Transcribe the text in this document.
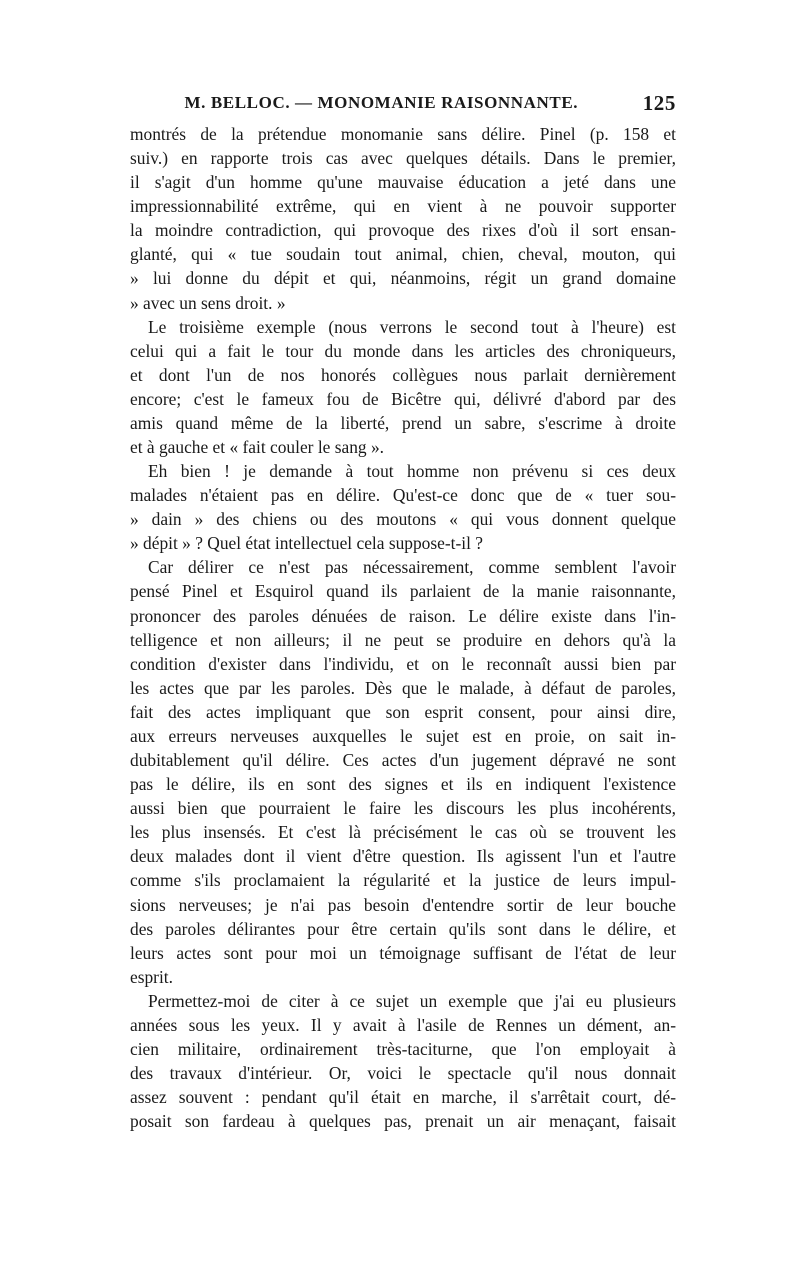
M. BELLOC. — MONOMANIE RAISONNANTE.	125
montrés de la prétendue monomanie sans délire. Pinel (p. 158 et
suiv.) en rapporte trois cas avec quelques détails. Dans le premier,
il s'agit d'un homme qu'une mauvaise éducation a jeté dans une
impressionnabilité extrême, qui en vient à ne pouvoir supporter
la moindre contradiction, qui provoque des rixes d'où il sort ensan-
glanté, qui « tue soudain tout animal, chien, cheval, mouton, qui
» lui donne du dépit et qui, néanmoins, régit un grand domaine
» avec un sens droit. »
Le troisième exemple (nous verrons le second tout à l'heure) est
celui qui a fait le tour du monde dans les articles des chroniqueurs,
et dont l'un de nos honorés collègues nous parlait dernièrement
encore; c'est le fameux fou de Bicêtre qui, délivré d'abord par des
amis quand même de la liberté, prend un sabre, s'escrime à droite
et à gauche et « fait couler le sang ».
Eh bien ! je demande à tout homme non prévenu si ces deux
malades n'étaient pas en délire. Qu'est-ce donc que de « tuer sou-
» dain » des chiens ou des moutons « qui vous donnent quelque
» dépit » ? Quel état intellectuel cela suppose-t-il ?
Car délirer ce n'est pas nécessairement, comme semblent l'avoir
pensé Pinel et Esquirol quand ils parlaient de la manie raisonnante,
prononcer des paroles dénuées de raison. Le délire existe dans l'in-
telligence et non ailleurs; il ne peut se produire en dehors qu'à la
condition d'exister dans l'individu, et on le reconnaît aussi bien par
les actes que par les paroles. Dès que le malade, à défaut de paroles,
fait des actes impliquant que son esprit consent, pour ainsi dire,
aux erreurs nerveuses auxquelles le sujet est en proie, on sait in-
dubitablement qu'il délire. Ces actes d'un jugement dépravé ne sont
pas le délire, ils en sont des signes et ils en indiquent l'existence
aussi bien que pourraient le faire les discours les plus incohérents,
les plus insensés. Et c'est là précisément le cas où se trouvent les
deux malades dont il vient d'être question. Ils agissent l'un et l'autre
comme s'ils proclamaient la régularité et la justice de leurs impul-
sions nerveuses; je n'ai pas besoin d'entendre sortir de leur bouche
des paroles délirantes pour être certain qu'ils sont dans le délire, et
leurs actes sont pour moi un témoignage suffisant de l'état de leur
esprit.
Permettez-moi de citer à ce sujet un exemple que j'ai eu plusieurs
années sous les yeux. Il y avait à l'asile de Rennes un dément, an-
cien militaire, ordinairement très-taciturne, que l'on employait à
des travaux d'intérieur. Or, voici le spectacle qu'il nous donnait
assez souvent : pendant qu'il était en marche, il s'arrêtait court, dé-
posait son fardeau à quelques pas, prenait un air menaçant, faisait
